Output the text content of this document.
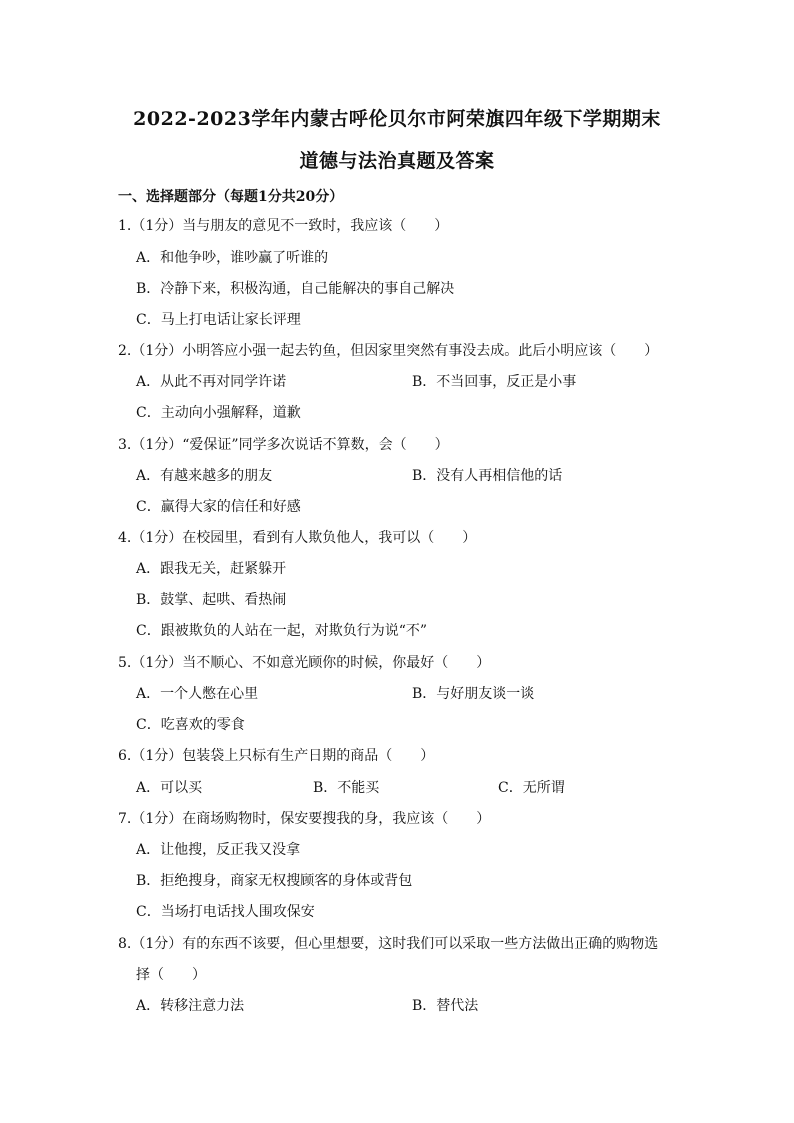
2022-2023学年内蒙古呼伦贝尔市阿荣旗四年级下学期期末
道德与法治真题及答案
一、选择题部分（每题1分共20分）
1.（1分）当与朋友的意见不一致时，我应该（　　）
A．和他争吵，谁吵赢了听谁的
B．冷静下来，积极沟通，自己能解决的事自己解决
C．马上打电话让家长评理
2.（1分）小明答应小强一起去钓鱼，但因家里突然有事没去成。此后小明应该（　　）
A．从此不再对同学许诺	B．不当回事，反正是小事
C．主动向小强解释，道歉
3.（1分）“爱保证”同学多次说话不算数，会（　　）
A．有越来越多的朋友	B．没有人再相信他的话
C．赢得大家的信任和好感
4.（1分）在校园里，看到有人欺负他人，我可以（　　）
A．跟我无关，赶紧躲开
B．鼓掌、起哄、看热闹
C．跟被欺负的人站在一起，对欺负行为说“不”
5.（1分）当不顺心、不如意光顾你的时候，你最好（　　）
A．一个人憋在心里	B．与好朋友谈一谈
C．吃喜欢的零食
6.（1分）包装袋上只标有生产日期的商品（　　）
A．可以买	B．不能买	C．无所谓
7.（1分）在商场购物时，保安要搜我的身，我应该（　　）
A．让他搜，反正我又没拿
B．拒绝搜身，商家无权搜顾客的身体或背包
C．当场打电话找人围攻保安
8.（1分）有的东西不该要，但心里想要，这时我们可以采取一些方法做出正确的购物选
择（　　）
A．转移注意力法	B．替代法
